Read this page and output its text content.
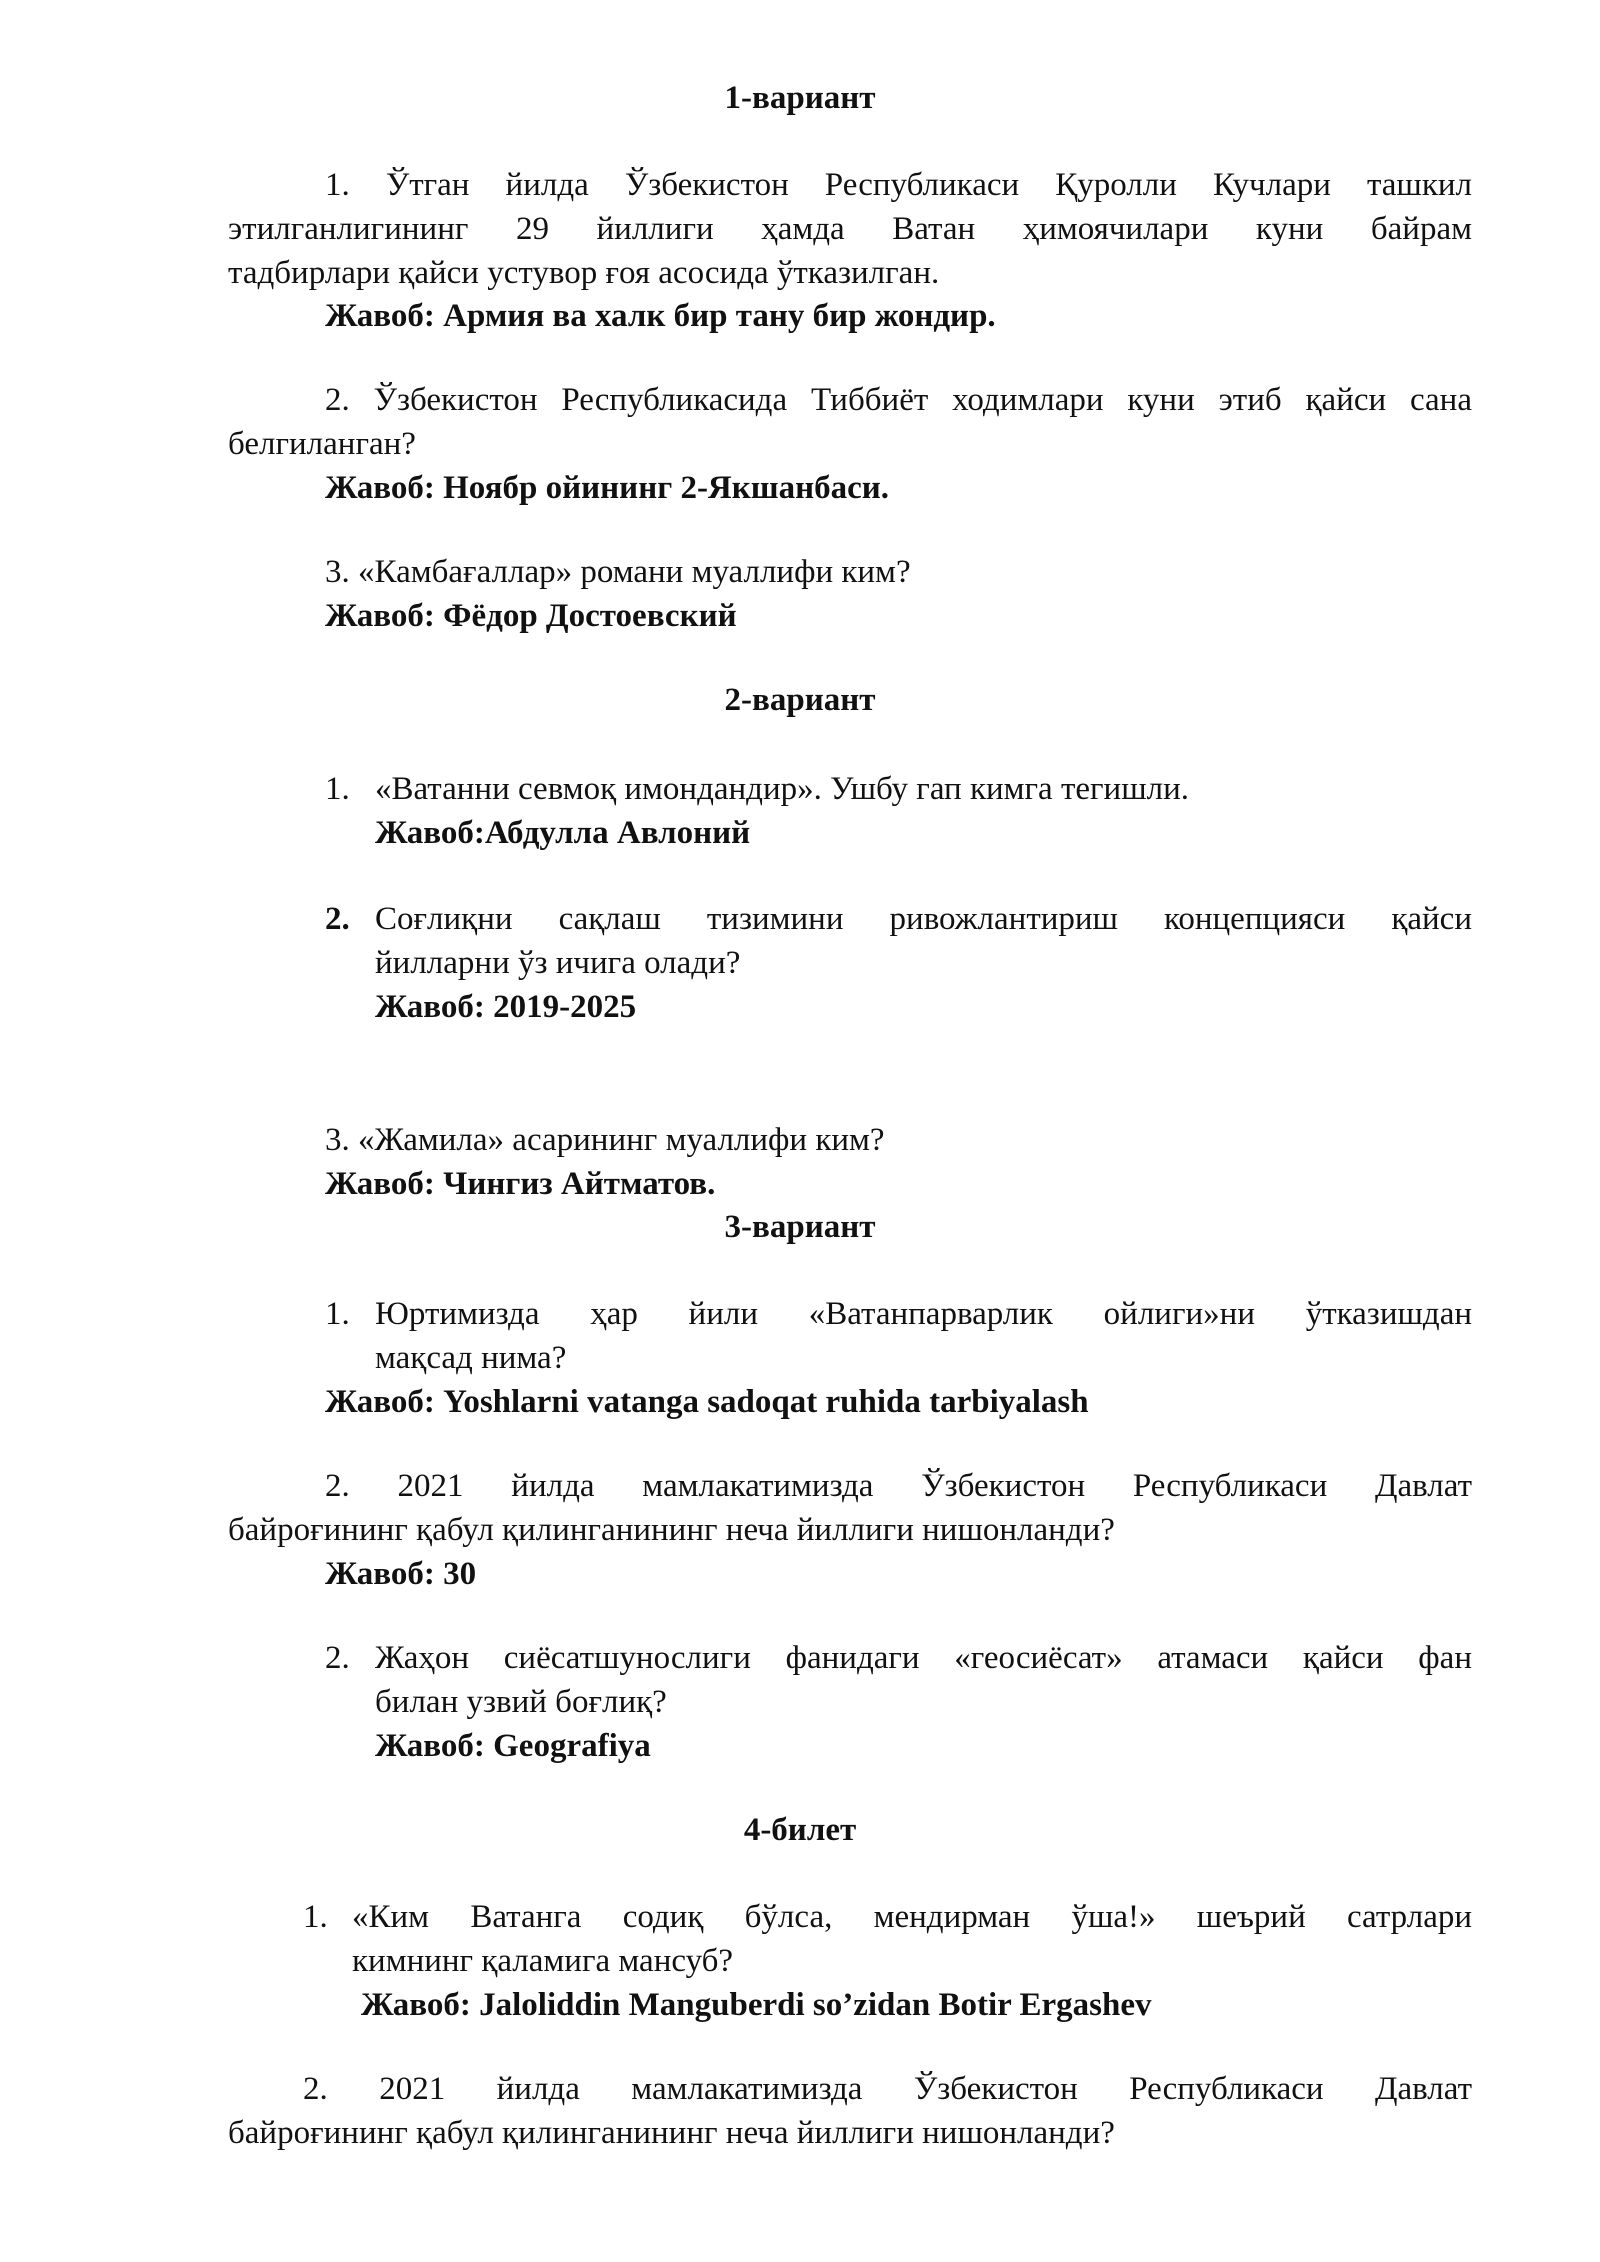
1-вариант

1. Ўтган йилда Ўзбекистон Республикаси Қуролли Кучлари ташкил

этилганлигининг 29 йиллиги ҳамда Ватан ҳимоячилари куни байрам

тадбирлари қайси устувор ғоя асосида ўтказилган.

Жавоб: Армия ва халк бир тану бир жондир.

2. Ўзбекистон Республикасида Тиббиёт ходимлари куни этиб қайси сана

белгиланган?

Жавоб: Ноябр ойининг 2-Якшанбаси.

3. «Камбағаллар» романи муаллифи ким?

Жавоб: Фёдор Достоевский

2-вариант

1. «Ватанни севмоқ имондандир». Ушбу гап кимга тегишли.

Жавоб:Абдулла Авлоний

2. Соғлиқни сақлаш тизимини ривожлантириш концепцияси қайси

йилларни ўз ичига олади?

Жавоб: 2019-2025

3. «Жамила» асарининг муаллифи ким?

Жавоб: Чингиз Айтматов.

3-вариант

1. Юртимизда ҳар йили «Ватанпарварлик ойлиги»ни ўтказишдан

мақсад нима?

Жавоб: Yoshlarni vatanga sadoqat ruhida tarbiyalash

2. 2021 йилда мамлакатимизда Ўзбекистон Республикаси Давлат

байроғининг қабул қилинганининг неча йиллиги нишонланди?

Жавоб: 30

2. Жаҳон сиёсатшунослиги фанидаги «геосиёсат» атамаси қайси фан

билан узвий боғлиқ?

Жавоб: Geografiya

4-билет

1. «Ким Ватанга содиқ бўлса, мендирман ўша!» шеърий сатрлари

кимнинг қаламига мансуб?

Жавоб: Jaloliddin Manguberdi so’zidan Botir Ergashev

2. 2021 йилда мамлакатимизда Ўзбекистон Республикаси Давлат

байроғининг қабул қилинганининг неча йиллиги нишонланди?
